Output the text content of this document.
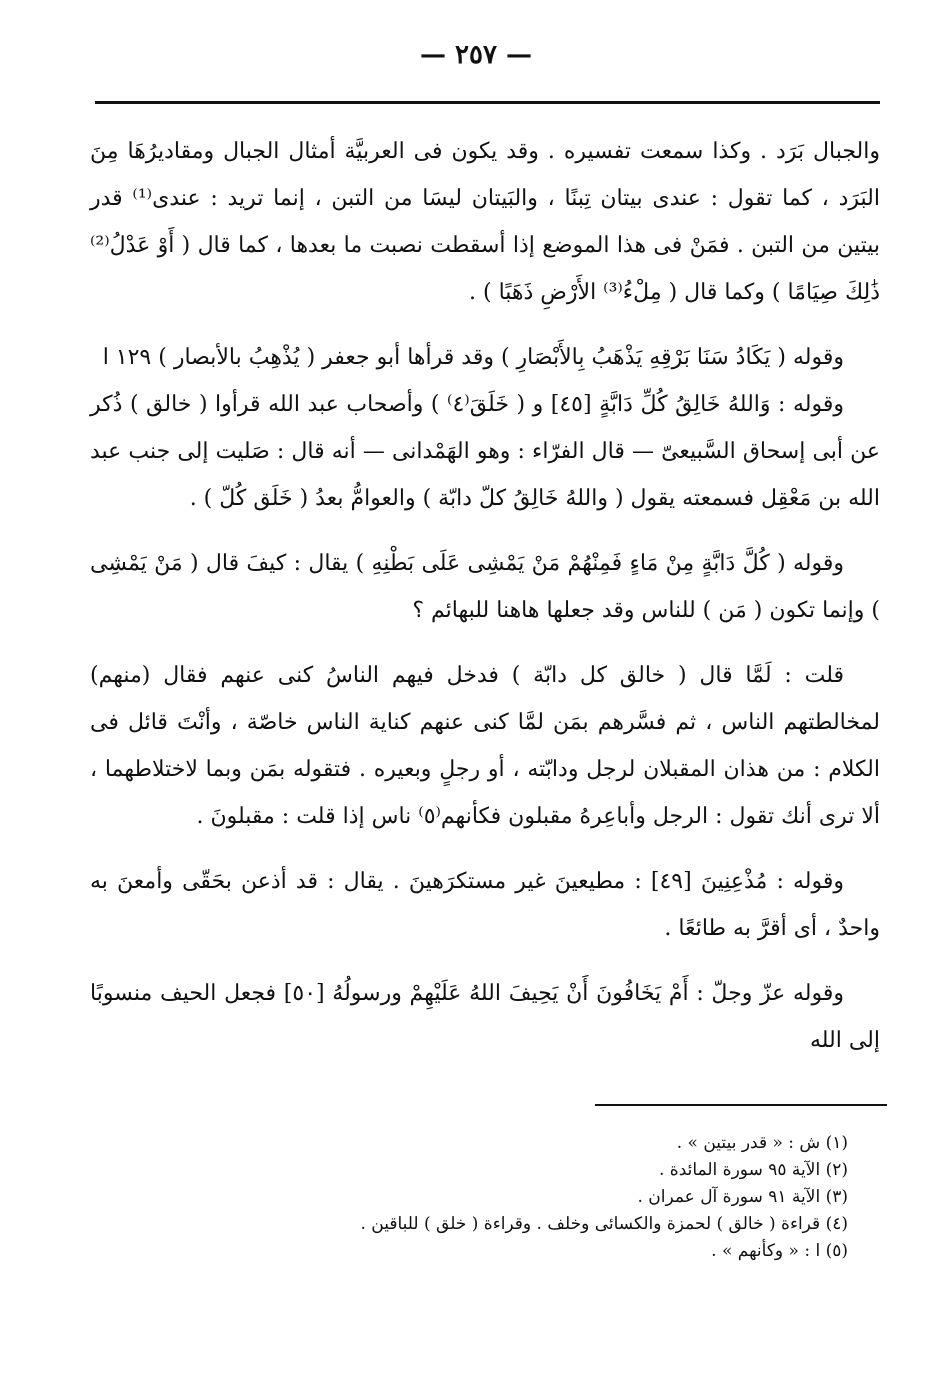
— ٢٥٧ —

والجبال بَرَد . وكذا سمعت تفسيره . وقد يكون فى العربيَّة أمثال الجبال ومقاديرُهَا مِنَ البَرَد ، كما تقول : عندى بيتان تِبنًا ، والبَيتان ليسَا من التبن ، إنما تريد : عندى⁽¹⁾ قدر بيتين من التبن . فمَنْ فى هذا الموضع إذا أسقطت نصبت ما بعدها ، كما قال ( أَوْ عَدْلُ⁽²⁾ ذَٰلِكَ صِيَامًا ) وكما قال ( مِلْءُ⁽³⁾ الأَرْضِ ذَهَبًا ) .

وقوله ( يَكَادُ سَنَا بَرْقِهِ يَذْهَبُ بِالأَبْصَارِ ) وقد قرأها أبو جعفر ( يُذْهِبُ بالأبصار ) ١٢٩ ا

وقوله : وَاللهُ خَالِقُ كُلِّ دَابَّةٍ [٤٥] و ( خَلَقَ⁽٤⁾ ) وأصحاب عبد الله قرأوا ( خالق ) ذُكر عن أبى إسحاق السَّبيعىّ — قال الفرّاء : وهو الهَمْدانى — أنه قال : صَليت إلى جنب عبد الله بن مَعْقِل فسمعته يقول ( واللهُ خَالِقُ كلّ دابّة ) والعوامُّ بعدُ ( خَلَق كُلّ ) .

وقوله ( كُلَّ دَابَّةٍ مِنْ مَاءٍ فَمِنْهُمْ مَنْ يَمْشِى عَلَى بَطْنِهِ ) يقال : كيفَ قال ( مَنْ يَمْشِى ) وإنما تكون ( مَن ) للناس وقد جعلها هاهنا للبهائم ؟

قلت : لَمَّا قال ( خالق كل دابّة ) فدخل فيهم الناسُ كنى عنهم فقال (منهم) لمخالطتهم الناس ، ثم فسَّرهم بمَن لمَّا كنى عنهم كناية الناس خاصّة ، وأنْتَ قائل فى الكلام : من هذان المقبلان لرجل ودابّته ، أو رجلٍ وبعيره . فتقوله بمَن وبما لاختلاطهما ، ألا ترى أنك تقول : الرجل وأباعِرهُ مقبلون فكأنهم⁽٥⁾ ناس إذا قلت : مقبلونَ .

وقوله : مُذْعِنِينَ [٤٩] : مطيعينَ غير مستكرَهينَ . يقال : قد أذعن بحَقّى وأمعنَ به واحدٌ ، أى أقرَّ به طائعًا .

وقوله عزّ وجلّ : أَمْ يَخَافُونَ أَنْ يَحِيفَ اللهُ عَلَيْهِمْ ورسولُهُ [٥٠] فجعل الحيف منسوبًا إلى الله

(١) ش : « قدر بيتين » .
(٢) الآية ٩٥ سورة المائدة .
(٣) الآية ٩١ سورة آل عمران .
(٤) قراءة ( خالق ) لحمزة والكسائى وخلف . وقراءة ( خلق ) للباقين .
(٥) ا : « وكأنهم » .
